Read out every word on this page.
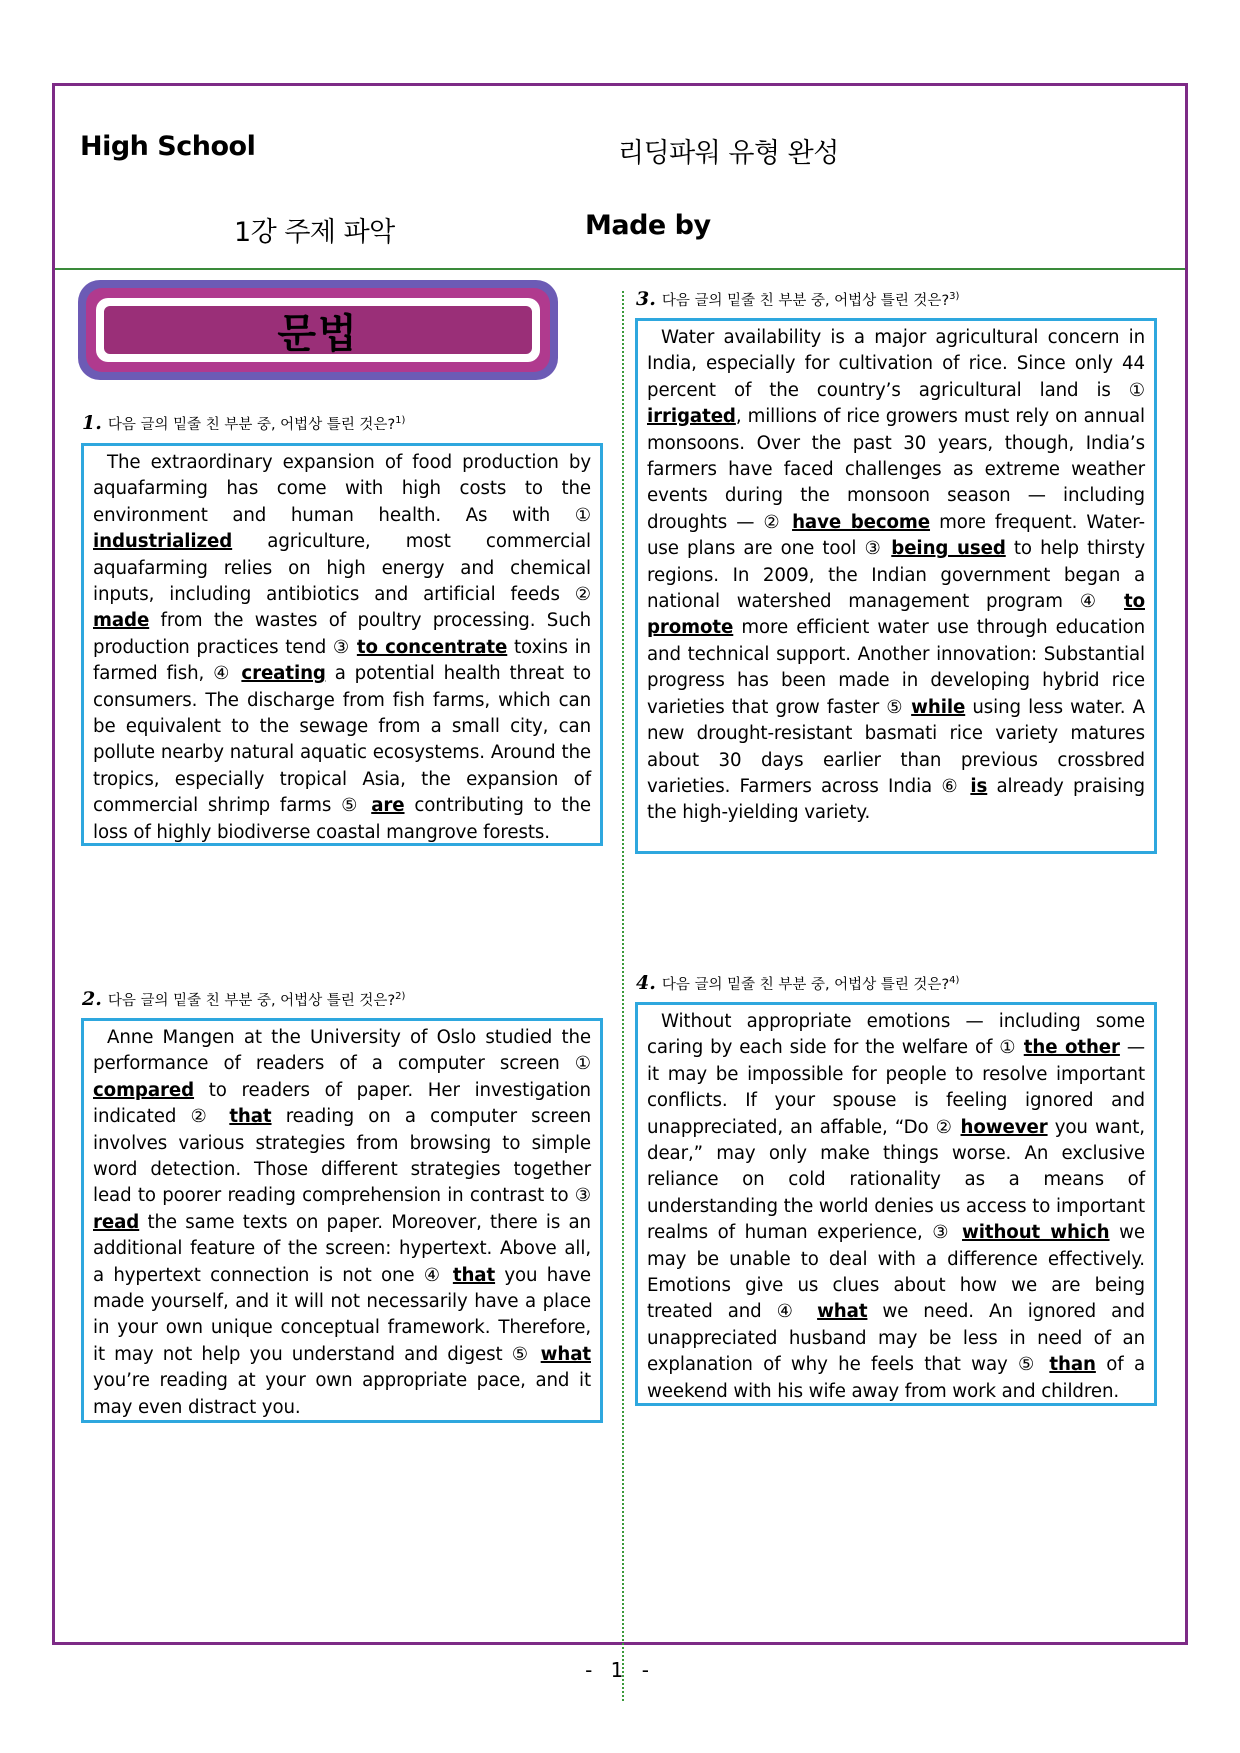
High School	리딩파워 유형 완성
1강 주제 파악	Made by
문법
1. 다음 글의 밑줄 친 부분 중, 어법상 틀린 것은?$^{1)}$

The extraordinary expansion of food production by aquafarming has come with high costs to the environment and human health. As with ① industrialized agriculture, most commercial aquafarming relies on high energy and chemical inputs, including antibiotics and artificial feeds ② made from the wastes of poultry processing. Such production practices tend ③ to concentrate toxins in farmed fish, ④ creating a potential health threat to consumers. The discharge from fish farms, which can be equivalent to the sewage from a small city, can pollute nearby natural aquatic ecosystems. Around the tropics, especially tropical Asia, the expansion of commercial shrimp farms ⑤ are contributing to the loss of highly biodiverse coastal mangrove forests.

2. 다음 글의 밑줄 친 부분 중, 어법상 틀린 것은?$^{2)}$

Anne Mangen at the University of Oslo studied the performance of readers of a computer screen ① compared to readers of paper. Her investigation indicated ② that reading on a computer screen involves various strategies from browsing to simple word detection. Those different strategies together lead to poorer reading comprehension in contrast to ③ read the same texts on paper. Moreover, there is an additional feature of the screen: hypertext. Above all, a hypertext connection is not one ④ that you have made yourself, and it will not necessarily have a place in your own unique conceptual framework. Therefore, it may not help you understand and digest ⑤ what you’re reading at your own appropriate pace, and it may even distract you.

3. 다음 글의 밑줄 친 부분 중, 어법상 틀린 것은?$^{3)}$

Water availability is a major agricultural concern in India, especially for cultivation of rice. Since only 44 percent of the country’s agricultural land is ① irrigated, millions of rice growers must rely on annual monsoons. Over the past 30 years, though, India’s farmers have faced challenges as extreme weather events during the monsoon season — including droughts — ② have become more frequent. Water-use plans are one tool ③ being used to help thirsty regions. In 2009, the Indian government began a national watershed management program ④ to promote more efficient water use through education and technical support. Another innovation: Substantial progress has been made in developing hybrid rice varieties that grow faster ⑤ while using less water. A new drought-resistant basmati rice variety matures about 30 days earlier than previous crossbred varieties. Farmers across India ⑥ is already praising the high-yielding variety.

4. 다음 글의 밑줄 친 부분 중, 어법상 틀린 것은?$^{4)}$

Without appropriate emotions — including some caring by each side for the welfare of ① the other — it may be impossible for people to resolve important conflicts. If your spouse is feeling ignored and unappreciated, an affable, “Do ② however you want, dear,” may only make things worse. An exclusive reliance on cold rationality as a means of understanding the world denies us access to important realms of human experience, ③ without which we may be unable to deal with a difference effectively. Emotions give us clues about how we are being treated and ④ what we need. An ignored and unappreciated husband may be less in need of an explanation of why he feels that way ⑤ than of a weekend with his wife away from work and children.

- 1 -
